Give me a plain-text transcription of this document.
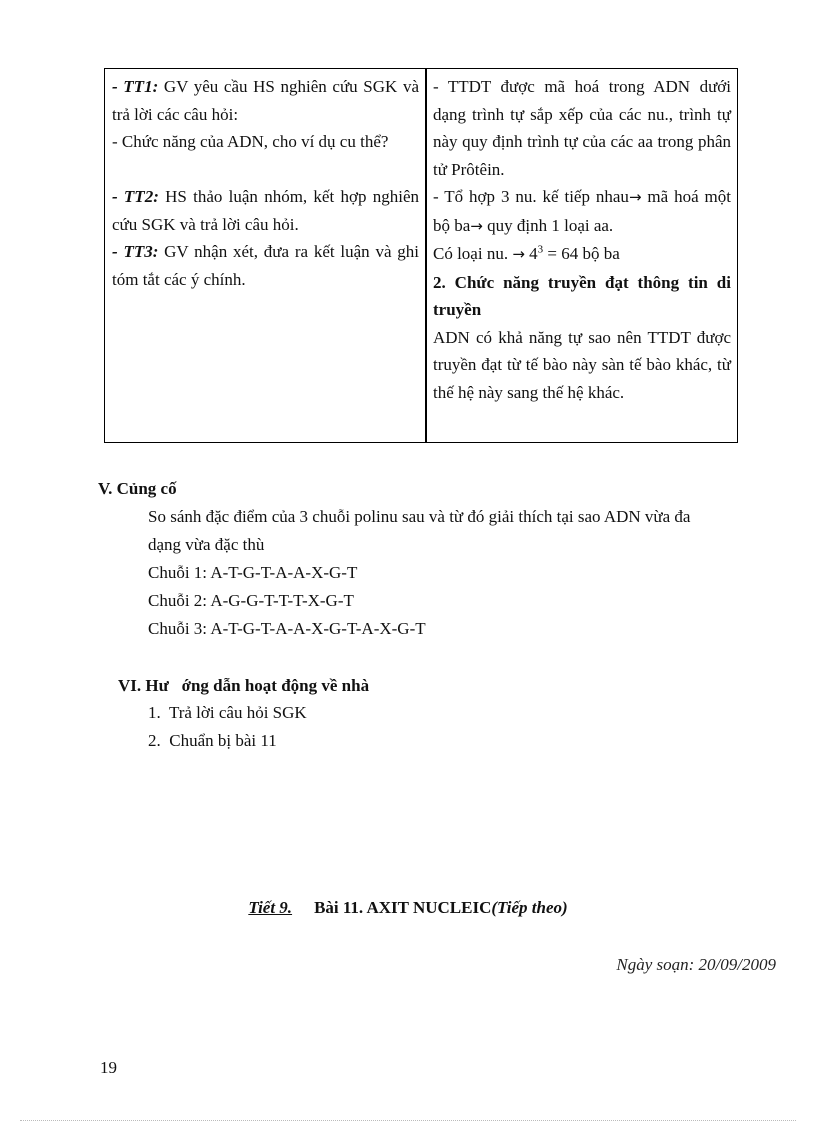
- TT1: GV yêu cầu HS nghiên cứu SGK và trả lời các câu hỏi:

- Chức năng của ADN, cho ví dụ cu thể?

- TT2: HS thảo luận nhóm, kết hợp nghiên cứu SGK và trả lời câu hỏi.

- TT3: GV nhận xét, đưa ra kết luận và ghi tóm tắt các ý chính.

- TTDT được mã hoá trong ADN dưới dạng trình tự sắp xếp của các nu., trình tự này quy định trình tự của các aa trong phân tử Prôtêin.

- Tổ hợp 3 nu. kế tiếp nhau→ mã hoá một bộ ba→ quy định 1 loại aa.

Có loại nu. → $4^3 = 64$ bộ ba

2. Chức năng truyền đạt thông tin di truyền

ADN có khả năng tự sao nên TTDT được truyền đạt từ tế bào này sàn tế bào khác, từ thế hệ này sang thế hệ khác.

V. Củng cố
So sánh đặc điểm của 3 chuỗi polinu sau và từ đó giải thích tại sao ADN vừa đa
dạng vừa đặc thù
Chuỗi 1: A-T-G-T-A-A-X-G-T
Chuỗi 2: A-G-G-T-T-T-X-G-T
Chuỗi 3: A-T-G-T-A-A-X-G-T-A-X-G-T
VI. Hư   ớng dẫn hoạt động về nhà
1.  Trả lời câu hỏi SGK
2.  Chuẩn bị bài 11
Tiết 9. Bài 11. AXIT NUCLEIC(Tiếp theo)
Ngày soạn: 20/09/2009
19
